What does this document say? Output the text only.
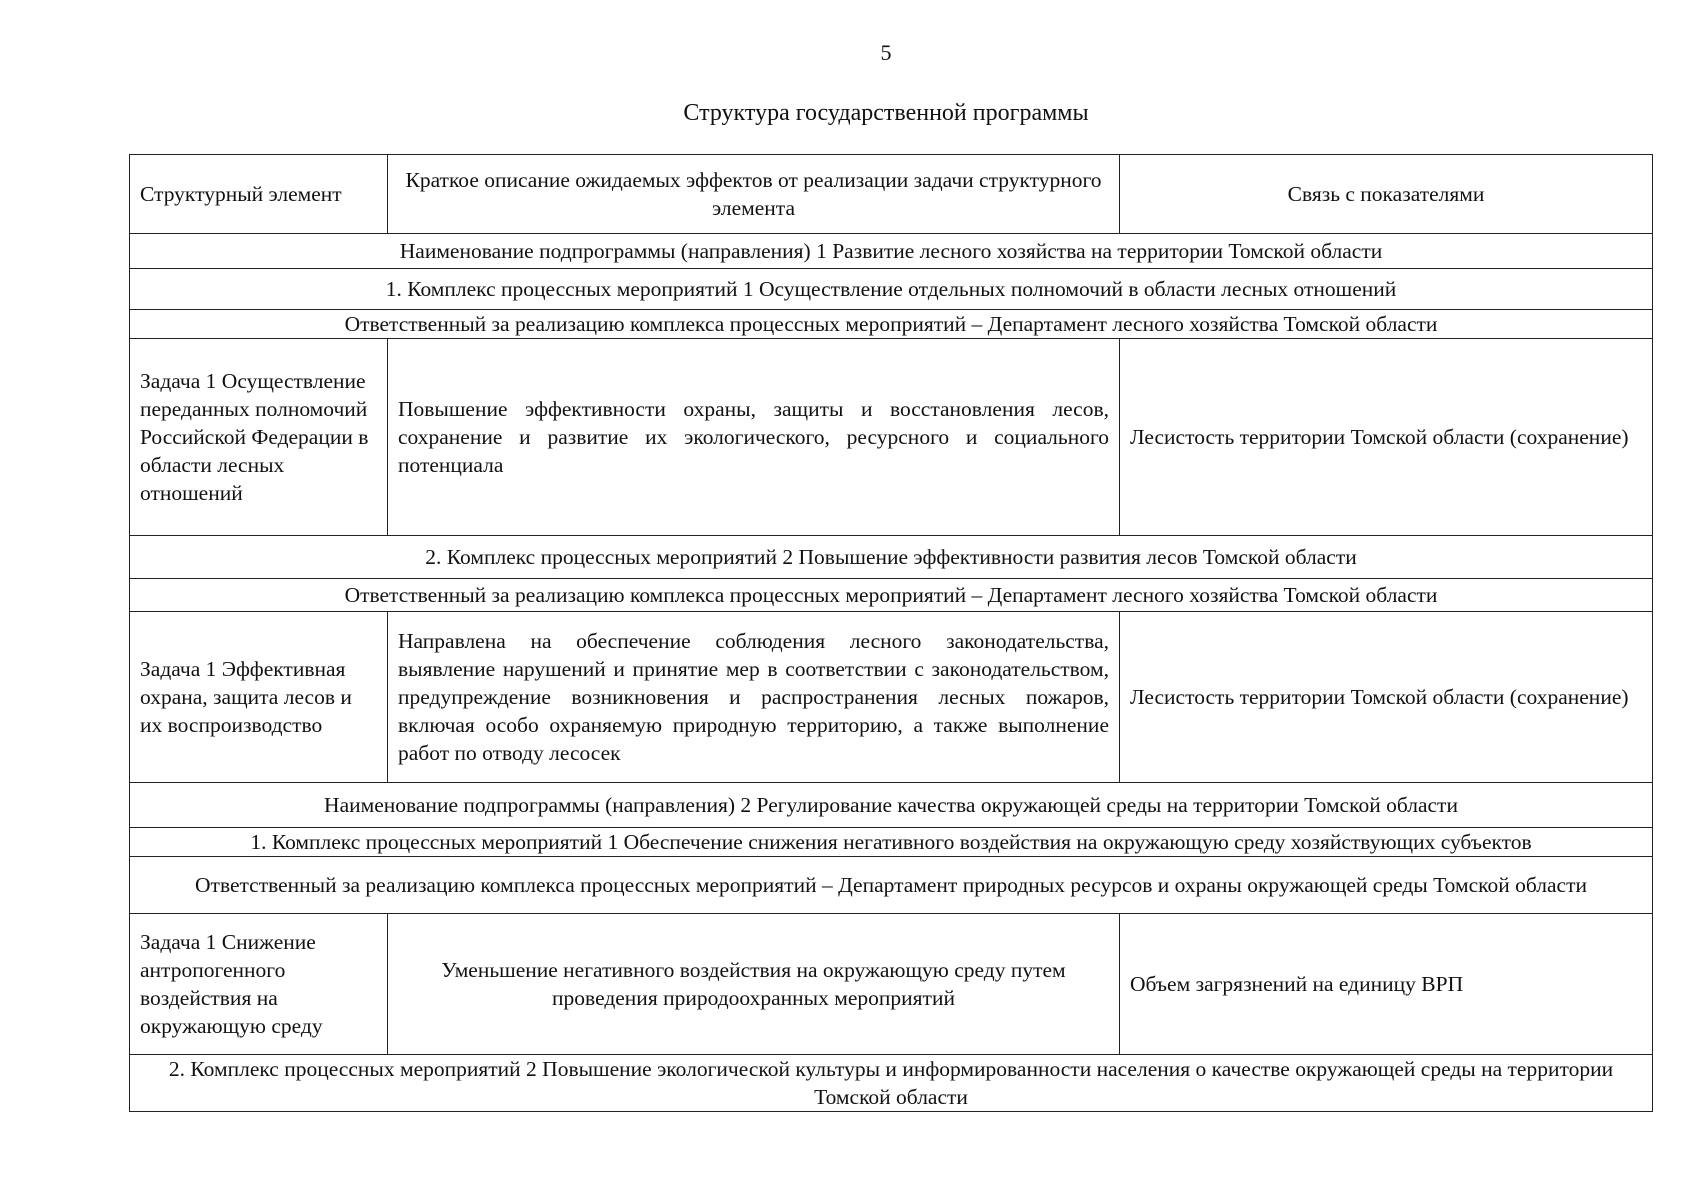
5
Структура государственной программы
Структурный элемент	Краткое описание ожидаемых эффектов от реализации задачи структурного элемента	Связь с показателями
Наименование подпрограммы (направления) 1 Развитие лесного хозяйства на территории Томской области		
1. Комплекс процессных мероприятий 1 Осуществление отдельных полномочий в области лесных отношений		
Ответственный за реализацию комплекса процессных мероприятий – Департамент лесного хозяйства Томской области		
Задача 1 Осуществление переданных полномочий Российской Федерации в области лесных отношений	Повышение эффективности охраны, защиты и восстановления лесов, сохранение и развитие их экологического, ресурсного и социального потенциала	Лесистость территории Томской области (сохранение)
2. Комплекс процессных мероприятий 2 Повышение эффективности развития лесов Томской области		
Ответственный за реализацию комплекса процессных мероприятий – Департамент лесного хозяйства Томской области		
Задача 1 Эффективная охрана, защита лесов и их воспроизводство	Направлена на обеспечение соблюдения лесного законодательства, выявление нарушений и принятие мер в соответствии с законодательством, предупреждение возникновения и распространения лесных пожаров, включая особо охраняемую природную территорию, а также выполнение работ по отводу лесосек	Лесистость территории Томской области (сохранение)
Наименование подпрограммы (направления) 2 Регулирование качества окружающей среды на территории Томской области		
1. Комплекс процессных мероприятий 1 Обеспечение снижения негативного воздействия на окружающую среду хозяйствующих субъектов		
Ответственный за реализацию комплекса процессных мероприятий – Департамент природных ресурсов и охраны окружающей среды Томской области		
Задача 1 Снижение антропогенного воздействия на окружающую среду	Уменьшение негативного воздействия на окружающую среду путем проведения природоохранных мероприятий	Объем загрязнений на единицу ВРП
2. Комплекс процессных мероприятий 2 Повышение экологической культуры и информированности населения о качестве окружающей среды на территории Томской области		
